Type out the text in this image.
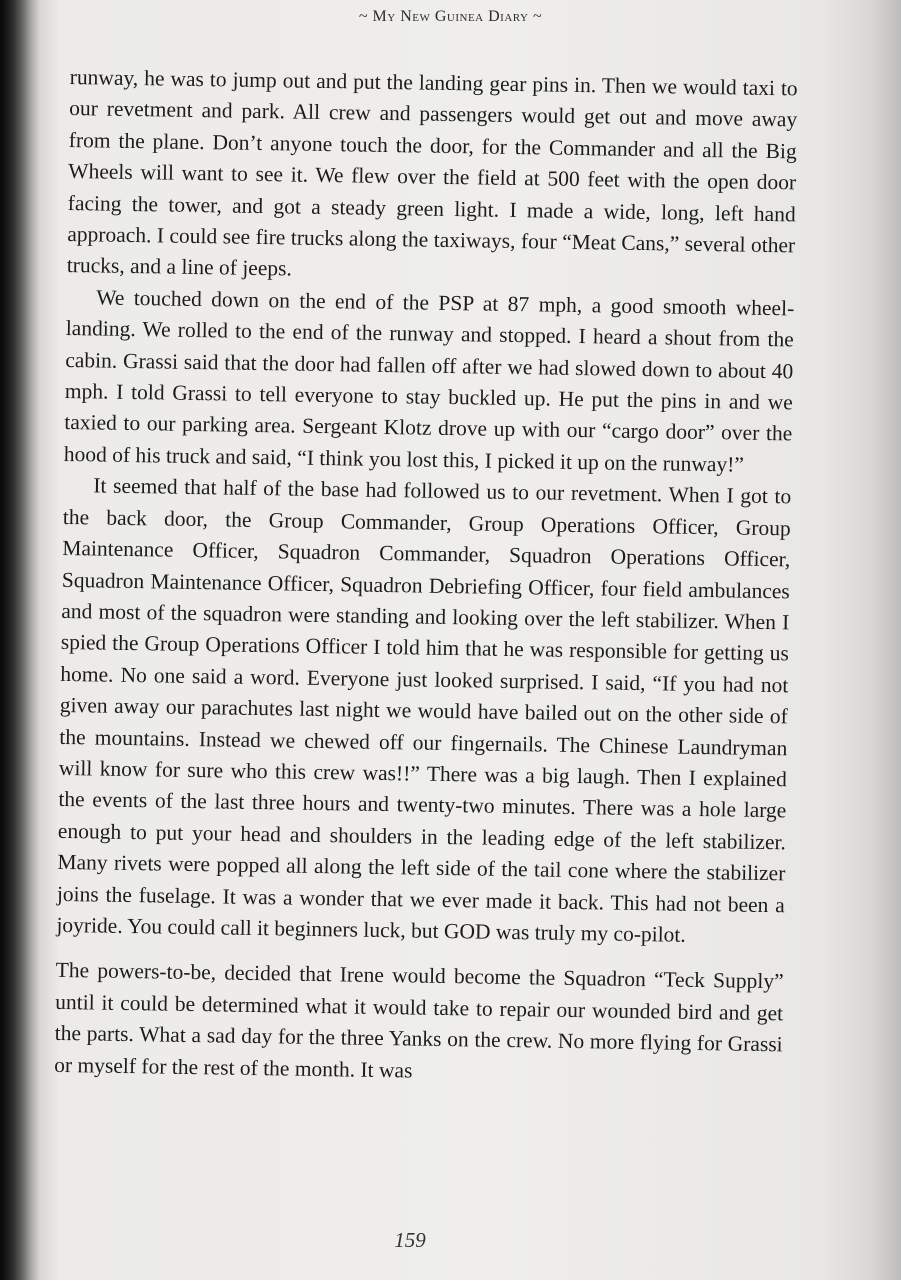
~ My New Guinea Diary ~

runway, he was to jump out and put the landing gear pins in. Then we would taxi to our revetment and park. All crew and passengers would get out and move away from the plane. Don’t anyone touch the door, for the Commander and all the Big Wheels will want to see it. We flew over the field at 500 feet with the open door facing the tower, and got a steady green light. I made a wide, long, left hand approach. I could see fire trucks along the taxiways, four “Meat Cans,” several other trucks, and a line of jeeps.

We touched down on the end of the PSP at 87 mph, a good smooth wheel-landing. We rolled to the end of the runway and stopped. I heard a shout from the cabin. Grassi said that the door had fallen off after we had slowed down to about 40 mph. I told Grassi to tell everyone to stay buckled up. He put the pins in and we taxied to our parking area. Sergeant Klotz drove up with our “cargo door” over the hood of his truck and said, “I think you lost this, I picked it up on the runway!”

It seemed that half of the base had followed us to our revetment. When I got to the back door, the Group Commander, Group Operations Officer, Group Maintenance Officer, Squadron Commander, Squadron Operations Officer, Squadron Maintenance Officer, Squadron Debriefing Officer, four field ambulances and most of the squadron were standing and looking over the left stabilizer. When I spied the Group Operations Officer I told him that he was responsible for getting us home. No one said a word. Everyone just looked surprised. I said, “If you had not given away our parachutes last night we would have bailed out on the other side of the mountains. Instead we chewed off our fingernails. The Chinese Laundryman will know for sure who this crew was!!” There was a big laugh. Then I explained the events of the last three hours and twenty-two minutes. There was a hole large enough to put your head and shoulders in the leading edge of the left stabilizer. Many rivets were popped all along the left side of the tail cone where the stabilizer joins the fuselage. It was a wonder that we ever made it back. This had not been a joyride. You could call it beginners luck, but GOD was truly my co-pilot.

The powers-to-be, decided that Irene would become the Squadron “Teck Supply” until it could be determined what it would take to repair our wounded bird and get the parts. What a sad day for the three Yanks on the crew. No more flying for Grassi or myself for the rest of the month. It was

159
